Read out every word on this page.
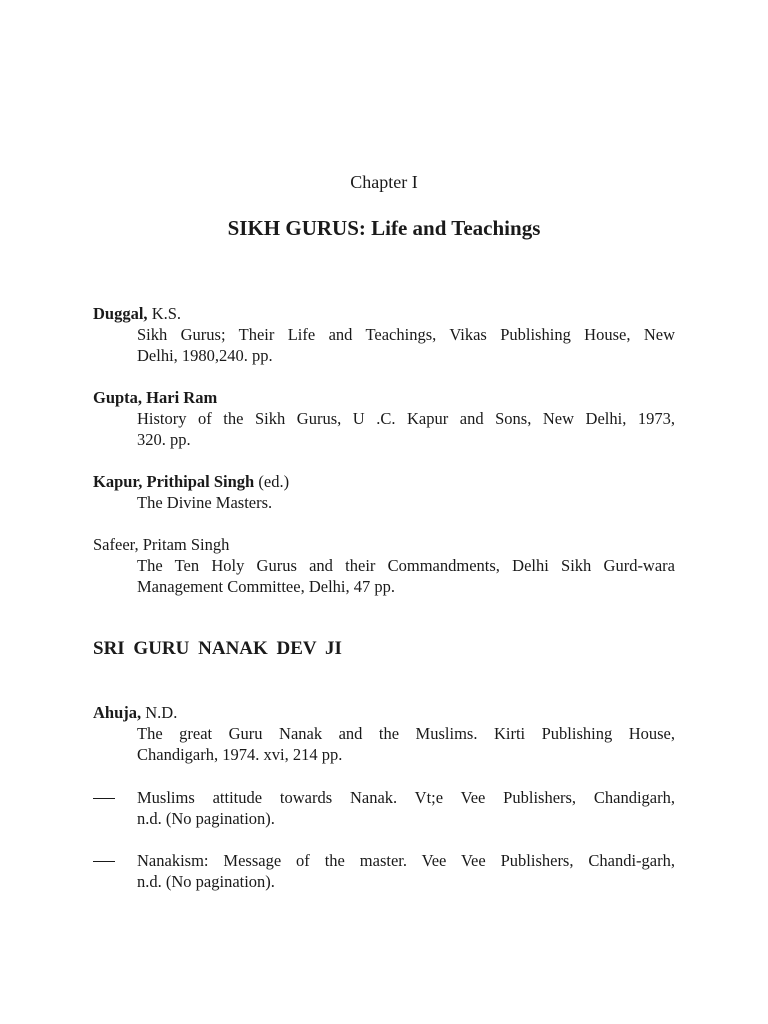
Chapter I
SIKH GURUS: Life and Teachings
Duggal, K.S.
Sikh Gurus; Their Life and Teachings, Vikas Publishing House, New
Delhi, 1980,240. pp.
Gupta, Hari Ram
History of the Sikh Gurus, U .C. Kapur and Sons, New Delhi, 1973,
320. pp.
Kapur, Prithipal Singh (ed.)
The Divine Masters.
Safeer, Pritam Singh
The Ten Holy Gurus and their Commandments, Delhi Sikh Gurd-wara
Management Committee, Delhi, 47 pp.
SRI GURU NANAK DEV JI
Ahuja, N.D.
The great Guru Nanak and the Muslims. Kirti Publishing House,
Chandigarh, 1974. xvi, 214 pp.
Muslims attitude towards Nanak. Vt;e Vee Publishers, Chandigarh,
n.d. (No pagination).
Nanakism: Message of the master. Vee Vee Publishers, Chandi-garh,
n.d. (No pagination).
